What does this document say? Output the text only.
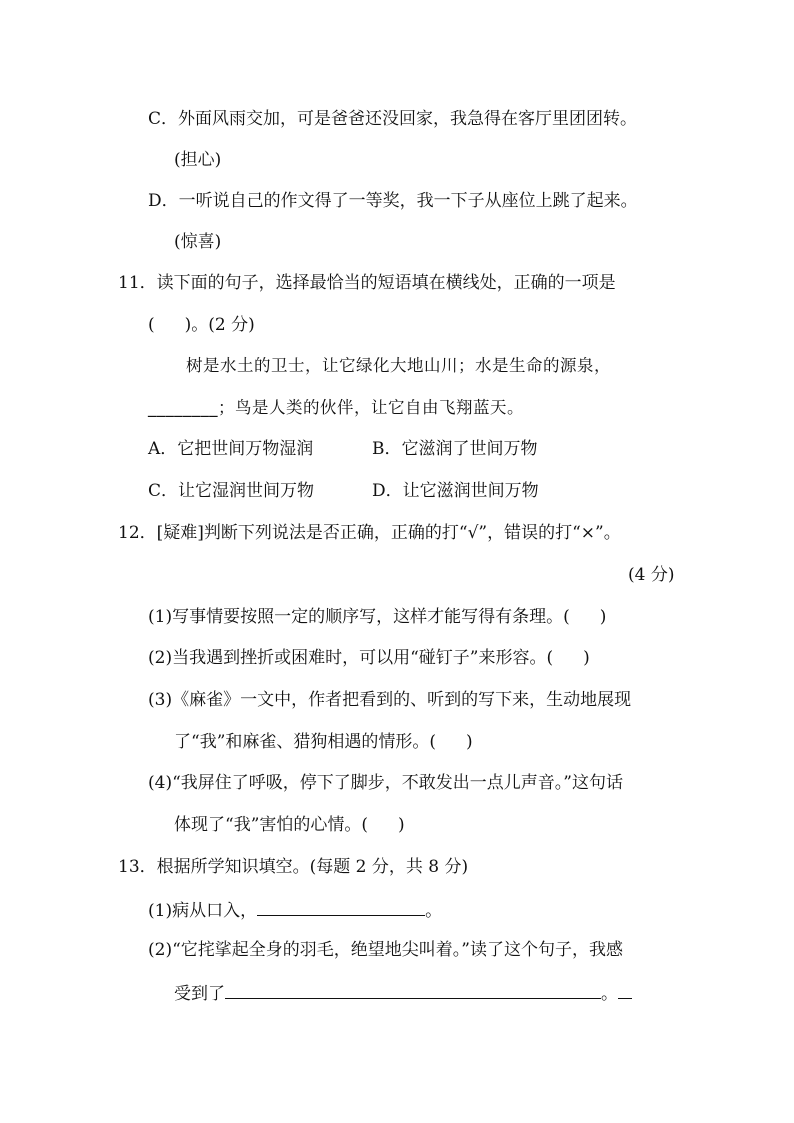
C．外面风雨交加，可是爸爸还没回家，我急得在客厅里团团转。
(担心)
D．一听说自己的作文得了一等奖，我一下子从座位上跳了起来。
(惊喜)
11．读下面的句子，选择最恰当的短语填在横线处，正确的一项是
( )。(2 分)
树是水土的卫士，让它绿化大地山川；水是生命的源泉，
________；鸟是人类的伙伴，让它自由飞翔蓝天。
A．它把世间万物湿润	B．它滋润了世间万物
C．让它湿润世间万物	D．让它滋润世间万物
12．[疑难]判断下列说法是否正确，正确的打“√”，错误的打“×”。
(4 分)
(1)写事情要按照一定的顺序写，这样才能写得有条理。( )
(2)当我遇到挫折或困难时，可以用“碰钉子”来形容。( )
(3)《麻雀》一文中，作者把看到的、听到的写下来，生动地展现
了“我”和麻雀、猎狗相遇的情形。( )
(4)“我屏住了呼吸，停下了脚步，不敢发出一点儿声音。”这句话
体现了“我”害怕的心情。( )
13．根据所学知识填空。(每题 2 分，共 8 分)
(1)病从口入，	。
(2)“它挓挲起全身的羽毛，绝望地尖叫着。”读了这个句子，我感
受到了	。
